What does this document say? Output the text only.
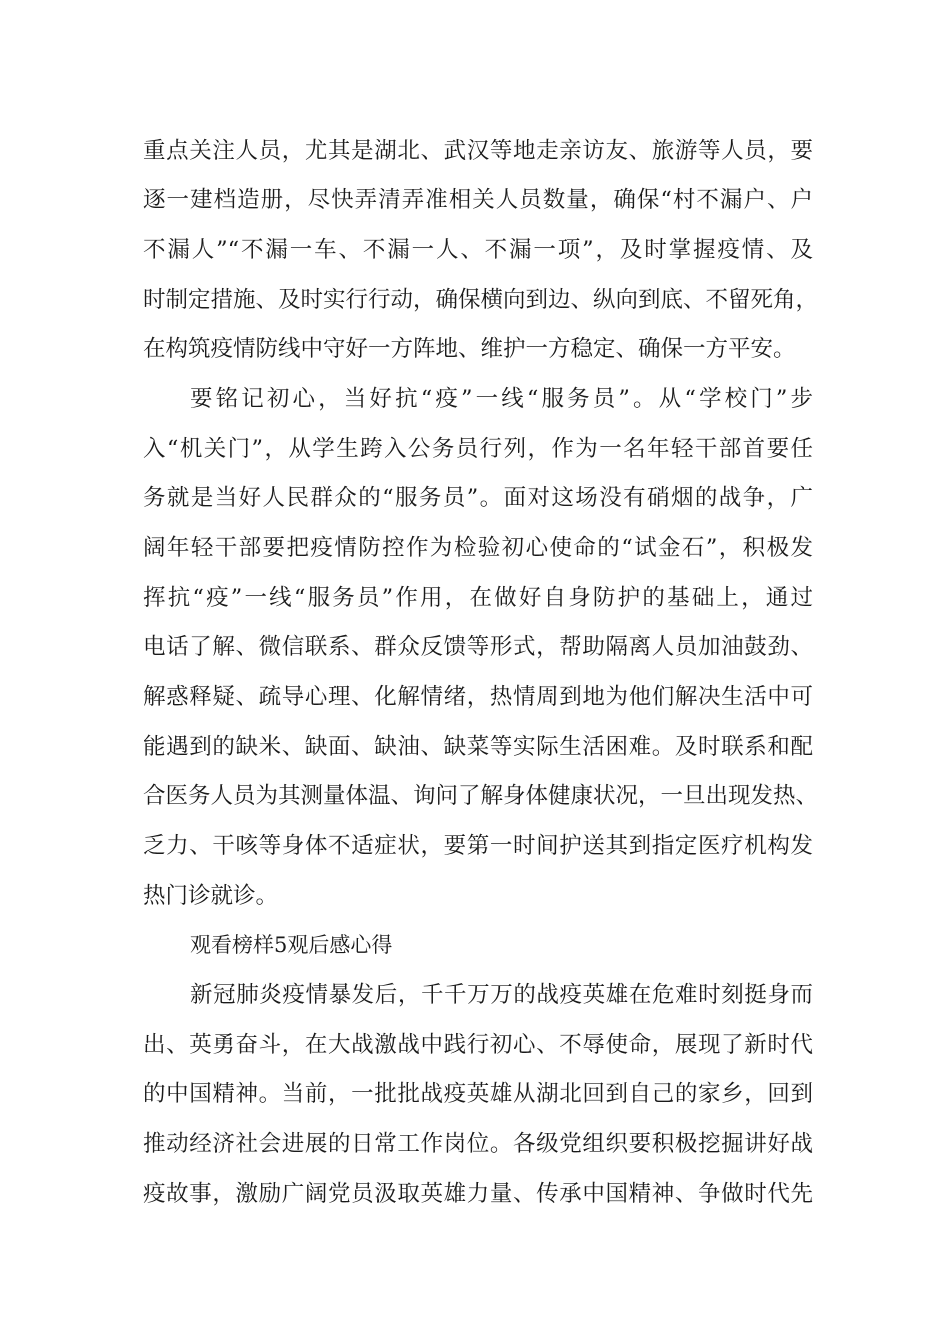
重点关注人员，尤其是湖北、武汉等地走亲访友、旅游等人员，要
逐一建档造册，尽快弄清弄准相关人员数量，确保“村不漏户、户
不漏人”“不漏一车、不漏一人、不漏一项”，及时掌握疫情、及
时制定措施、及时实行行动，确保横向到边、纵向到底、不留死角，
在构筑疫情防线中守好一方阵地、维护一方稳定、确保一方平安。
要铭记初心，当好抗“疫”一线“服务员”。从“学校门”步
入“机关门”，从学生跨入公务员行列，作为一名年轻干部首要任
务就是当好人民群众的“服务员”。面对这场没有硝烟的战争，广
阔年轻干部要把疫情防控作为检验初心使命的“试金石”，积极发
挥抗“疫”一线“服务员”作用，在做好自身防护的基础上，通过
电话了解、微信联系、群众反馈等形式，帮助隔离人员加油鼓劲、
解惑释疑、疏导心理、化解情绪，热情周到地为他们解决生活中可
能遇到的缺米、缺面、缺油、缺菜等实际生活困难。及时联系和配
合医务人员为其测量体温、询问了解身体健康状况，一旦出现发热、
乏力、干咳等身体不适症状，要第一时间护送其到指定医疗机构发
热门诊就诊。
观看榜样5观后感心得
新冠肺炎疫情暴发后，千千万万的战疫英雄在危难时刻挺身而
出、英勇奋斗，在大战激战中践行初心、不辱使命，展现了新时代
的中国精神。当前，一批批战疫英雄从湖北回到自己的家乡，回到
推动经济社会进展的日常工作岗位。各级党组织要积极挖掘讲好战
疫故事，激励广阔党员汲取英雄力量、传承中国精神、争做时代先
